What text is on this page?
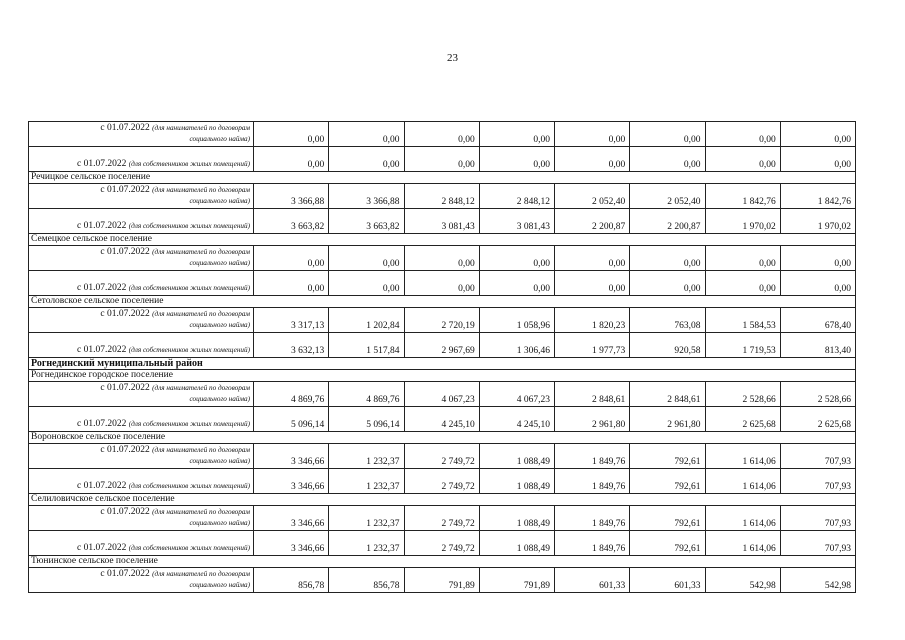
23
с 01.07.2022 (для нанимателей по договорам
социального найма)	0,00	0,00	0,00	0,00	0,00	0,00	0,00	0,00

с 01.07.2022 (для собственников жилых помещений)	0,00	0,00	0,00	0,00	0,00	0,00	0,00	0,00
Речицкое сельское поселение								

с 01.07.2022 (для нанимателей по договорам
социального найма)	3 366,88	3 366,88	2 848,12	2 848,12	2 052,40	2 052,40	1 842,76	1 842,76

с 01.07.2022 (для собственников жилых помещений)	3 663,82	3 663,82	3 081,43	3 081,43	2 200,87	2 200,87	1 970,02	1 970,02
Семецкое сельское поселение								

с 01.07.2022 (для нанимателей по договорам
социального найма)	0,00	0,00	0,00	0,00	0,00	0,00	0,00	0,00

с 01.07.2022 (для собственников жилых помещений)	0,00	0,00	0,00	0,00	0,00	0,00	0,00	0,00
Сетоловское сельское поселение								

с 01.07.2022 (для нанимателей по договорам
социального найма)	3 317,13	1 202,84	2 720,19	1 058,96	1 820,23	763,08	1 584,53	678,40

с 01.07.2022 (для собственников жилых помещений)	3 632,13	1 517,84	2 967,69	1 306,46	1 977,73	920,58	1 719,53	813,40
Рогнединский муниципальный район								
Рогнединское городское поселение								

с 01.07.2022 (для нанимателей по договорам
социального найма)	4 869,76	4 869,76	4 067,23	4 067,23	2 848,61	2 848,61	2 528,66	2 528,66

с 01.07.2022 (для собственников жилых помещений)	5 096,14	5 096,14	4 245,10	4 245,10	2 961,80	2 961,80	2 625,68	2 625,68
Вороновское сельское поселение								

с 01.07.2022 (для нанимателей по договорам
социального найма)	3 346,66	1 232,37	2 749,72	1 088,49	1 849,76	792,61	1 614,06	707,93

с 01.07.2022 (для собственников жилых помещений)	3 346,66	1 232,37	2 749,72	1 088,49	1 849,76	792,61	1 614,06	707,93
Селиловичское сельское поселение								

с 01.07.2022 (для нанимателей по договорам
социального найма)	3 346,66	1 232,37	2 749,72	1 088,49	1 849,76	792,61	1 614,06	707,93

с 01.07.2022 (для собственников жилых помещений)	3 346,66	1 232,37	2 749,72	1 088,49	1 849,76	792,61	1 614,06	707,93
Тюнинское сельское поселение								

с 01.07.2022 (для нанимателей по договорам
социального найма)	856,78	856,78	791,89	791,89	601,33	601,33	542,98	542,98
